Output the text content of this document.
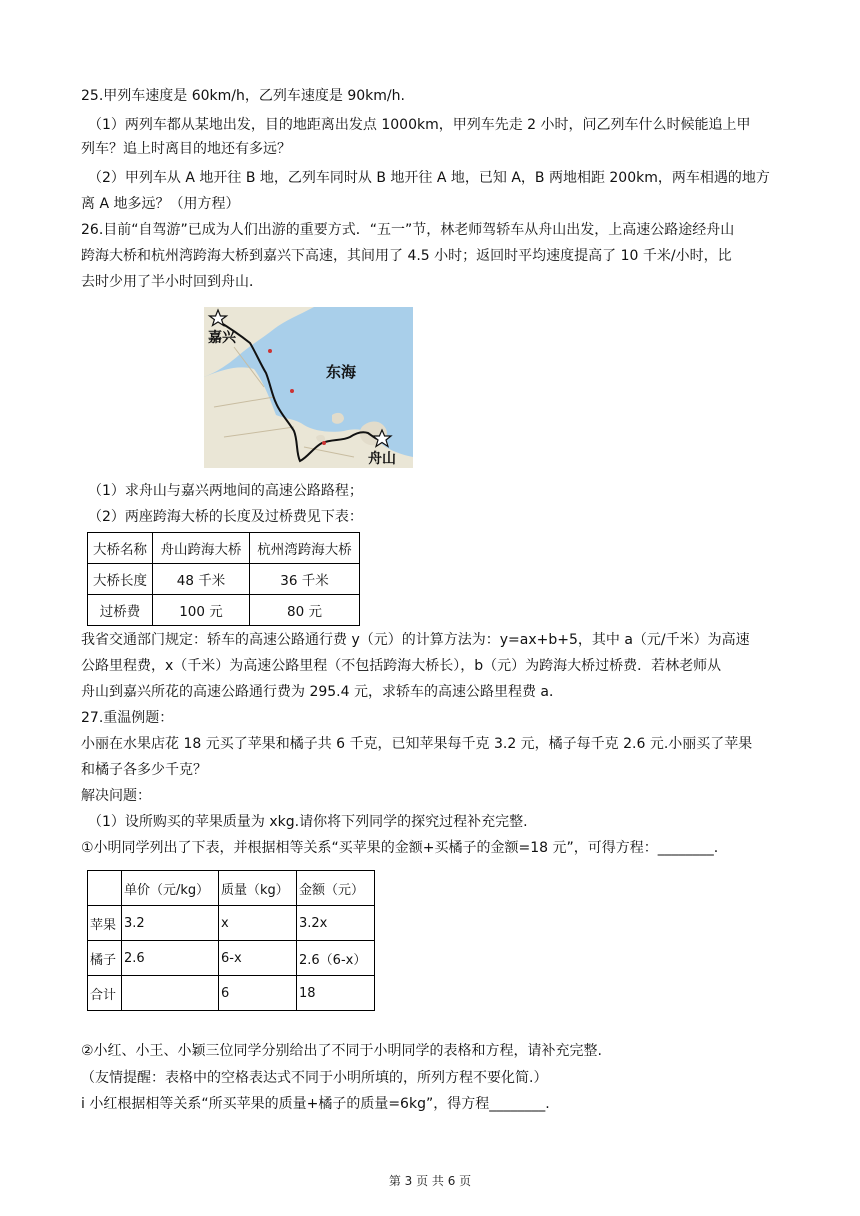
25.甲列车速度是 60km/h，乙列车速度是 90km/h.
（1）两列车都从某地出发，目的地距离出发点 1000km，甲列车先走 2 小时，问乙列车什么时候能追上甲
列车？追上时离目的地还有多远？
（2）甲列车从 A 地开往 B 地，乙列车同时从 B 地开往 A 地，已知 A，B 两地相距 200km，两车相遇的地方
离 A 地多远？（用方程）
26.目前“自驾游”已成为人们出游的重要方式．“五一”节，林老师驾轿车从舟山出发，上高速公路途经舟山
跨海大桥和杭州湾跨海大桥到嘉兴下高速，其间用了 4.5 小时；返回时平均速度提高了 10 千米/小时，比
去时少用了半小时回到舟山．
嘉兴
东海
舟山
（1）求舟山与嘉兴两地间的高速公路路程；
（2）两座跨海大桥的长度及过桥费见下表：
大桥名称	舟山跨海大桥	杭州湾跨海大桥
大桥长度	48 千米	36 千米
过桥费	100 元	80 元
我省交通部门规定：轿车的高速公路通行费 y（元）的计算方法为：y=ax+b+5，其中 a（元/千米）为高速
公路里程费，x（千米）为高速公路里程（不包括跨海大桥长），b（元）为跨海大桥过桥费．若林老师从
舟山到嘉兴所花的高速公路通行费为 295.4 元，求轿车的高速公路里程费 a．
27.重温例题：
小丽在水果店花 18 元买了苹果和橘子共 6 千克，已知苹果每千克 3.2 元，橘子每千克 2.6 元.小丽买了苹果
和橘子各多少千克？
解决问题：
（1）设所购买的苹果质量为 xkg.请你将下列同学的探究过程补充完整.
①小明同学列出了下表，并根据相等关系“买苹果的金额+买橘子的金额=18 元”，可得方程：________.
	单价（元/kg）	质量（kg）	金额（元）
苹果	3.2	x	3.2x
橘子	2.6	6-x	2.6（6-x）
合计		6	18
②小红、小王、小颖三位同学分别给出了不同于小明同学的表格和方程，请补充完整.
（友情提醒：表格中的空格表达式不同于小明所填的，所列方程不要化简.）
i 小红根据相等关系“所买苹果的质量+橘子的质量=6kg”，得方程________.
第 3 页 共 6 页
